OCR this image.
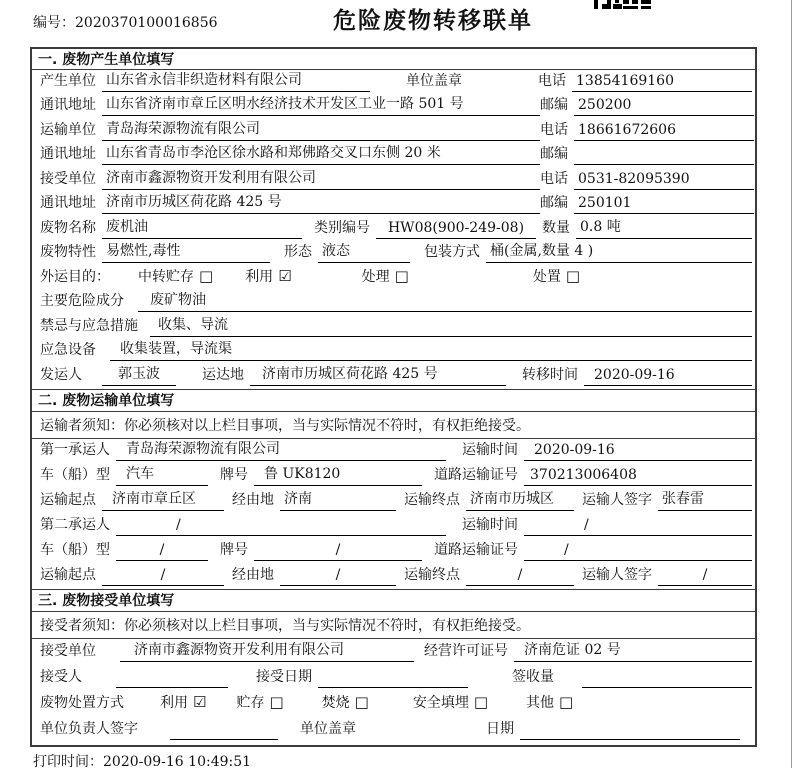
编号：2020370100016856	危险废物转移联单
一. 废物产生单位填写
产生单位 山东省永信非织造材料有限公司	单位盖章	电话 13854169160
通讯地址 山东省济南市章丘区明水经济技术开发区工业一路 501 号	邮编 250200
运输单位 青岛海荣源物流有限公司	电话 18661672606
通讯地址 山东省青岛市李沧区徐水路和郑佛路交叉口东侧 20 米	邮编
接受单位 济南市鑫源物资开发利用有限公司	电话 0531-82095390
通讯地址 济南市历城区荷花路 425 号	邮编 250101
废物名称 废机油	类别编号	HW08(900-249-08)	数量 0.8 吨
废物特性 易燃性,毒性	形态 液态	包装方式 桶(金属,数量 4 )
外运目的：	中转贮存 □ 利用 ☑	处理 □	处置 □
主要危险成分	废矿物油
禁忌与应急措施	收集、导流
应急设备	收集装置，导流渠
发运人	郭玉波	运达地	济南市历城区荷花路 425 号	转移时间	2020-09-16
二. 废物运输单位填写
运输者须知：你必须核对以上栏目事项，当与实际情况不符时，有权拒绝接受。
第一承运人	青岛海荣源物流有限公司	运输时间	2020-09-16
车（船）型	汽车	牌号	鲁 UK8120	道路运输证号 370213006408
运输起点	济南市章丘区	经由地 济南	运输终点 济南市历城区	运输人签字 张春雷
第二承运人	/	运输时间	/
车（船）型	/	牌号	/	道路运输证号	/
运输起点	/	经由地	/	运输终点	/	运输人签字	/
三. 废物接受单位填写
接受者须知：你必须核对以上栏目事项，当与实际情况不符时，有权拒绝接受。
接受单位	济南市鑫源物资开发利用有限公司	经营许可证号	济南危证 02 号
接受人	接受日期	签收量
废物处置方式	利用 ☑ 贮存 □	焚烧 □	安全填埋 □	其他 □
单位负责人签字	单位盖章	日期
打印时间：2020-09-16 10:49:51
